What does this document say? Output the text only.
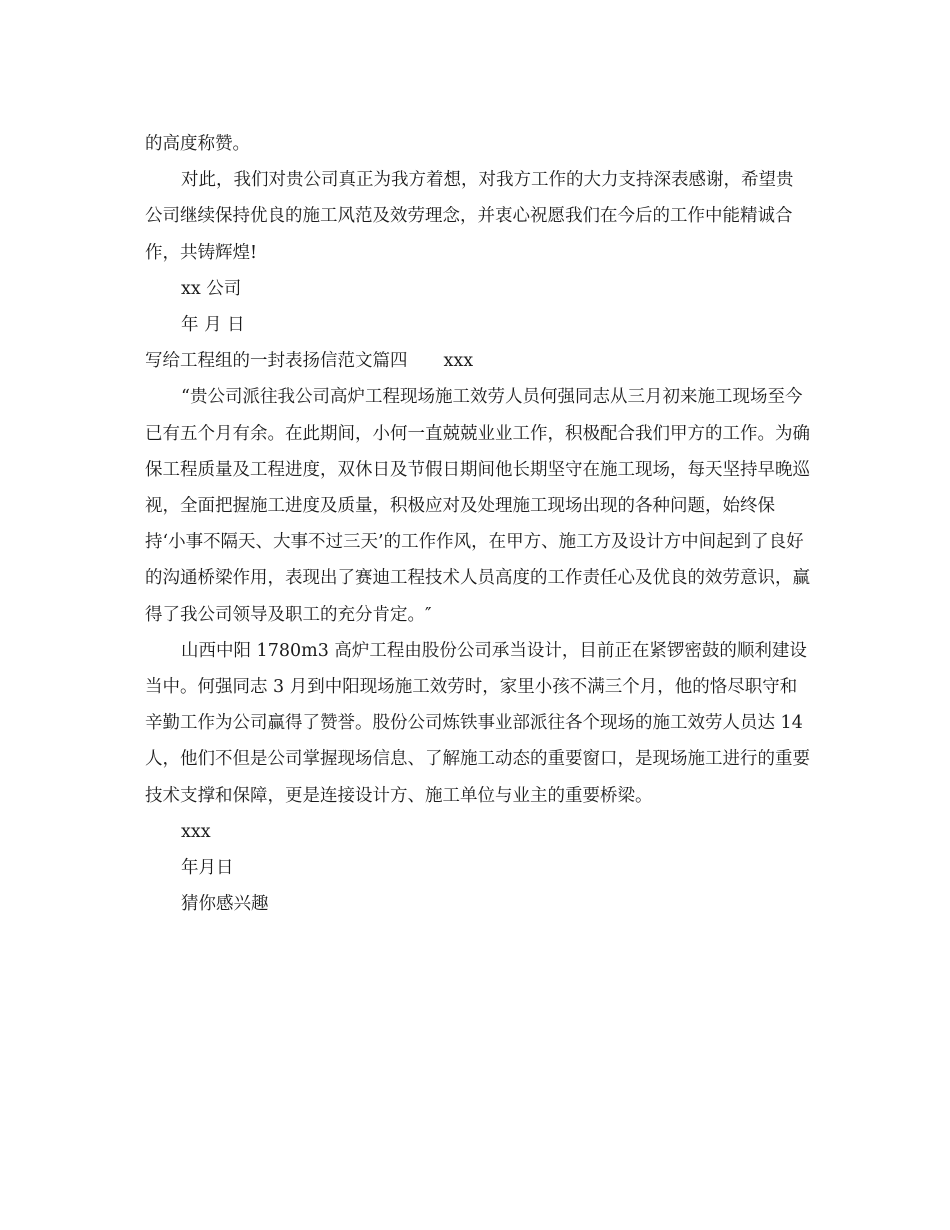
的高度称赞。

对此，我们对贵公司真正为我方着想，对我方工作的大力支持深表感谢，希望贵公司继续保持优良的施工风范及效劳理念，并衷心祝愿我们在今后的工作中能精诚合作，共铸辉煌!

xx 公司

年 月 日

写给工程组的一封表扬信范文篇四 xxx

“贵公司派往我公司高炉工程现场施工效劳人员何强同志从三月初来施工现场至今已有五个月有余。在此期间，小何一直兢兢业业工作，积极配合我们甲方的工作。为确保工程质量及工程进度，双休日及节假日期间他长期坚守在施工现场，每天坚持早晚巡视，全面把握施工进度及质量，积极应对及处理施工现场出现的各种问题，始终保持‘小事不隔天、大事不过三天’的工作作风，在甲方、施工方及设计方中间起到了良好的沟通桥梁作用，表现出了赛迪工程技术人员高度的工作责任心及优良的效劳意识，赢得了我公司领导及职工的充分肯定。″

山西中阳 1780m3 高炉工程由股份公司承当设计，目前正在紧锣密鼓的顺利建设当中。何强同志 3 月到中阳现场施工效劳时，家里小孩不满三个月，他的恪尽职守和辛勤工作为公司赢得了赞誉。股份公司炼铁事业部派往各个现场的施工效劳人员达 14 人，他们不但是公司掌握现场信息、了解施工动态的重要窗口，是现场施工进行的重要技术支撑和保障，更是连接设计方、施工单位与业主的重要桥梁。

xxx

年月日

猜你感兴趣
